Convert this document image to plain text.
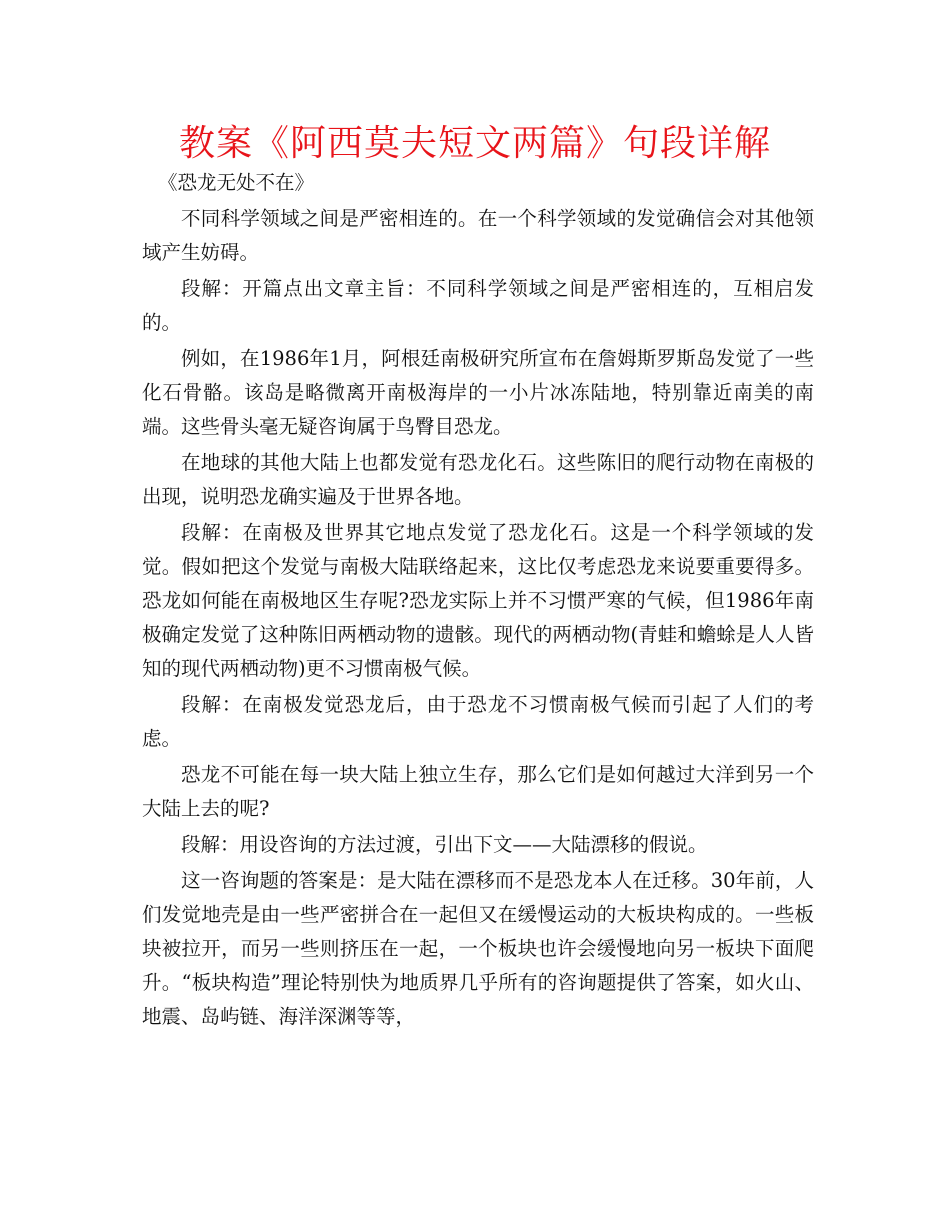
教案《阿西莫夫短文两篇》句段详解

《恐龙无处不在》

不同科学领域之间是严密相连的。在一个科学领域的发觉确信会对其他领域产生妨碍。

段解：开篇点出文章主旨：不同科学领域之间是严密相连的，互相启发的。

例如，在1986年1月，阿根廷南极研究所宣布在詹姆斯罗斯岛发觉了一些化石骨骼。该岛是略微离开南极海岸的一小片冰冻陆地，特别靠近南美的南端。这些骨头毫无疑咨询属于鸟臀目恐龙。

在地球的其他大陆上也都发觉有恐龙化石。这些陈旧的爬行动物在南极的出现，说明恐龙确实遍及于世界各地。

段解：在南极及世界其它地点发觉了恐龙化石。这是一个科学领域的发觉。假如把这个发觉与南极大陆联络起来，这比仅考虑恐龙来说要重要得多。恐龙如何能在南极地区生存呢?恐龙实际上并不习惯严寒的气候，但1986年南极确定发觉了这种陈旧两栖动物的遗骸。现代的两栖动物(青蛙和蟾蜍是人人皆知的现代两栖动物)更不习惯南极气候。

段解：在南极发觉恐龙后，由于恐龙不习惯南极气候而引起了人们的考虑。

恐龙不可能在每一块大陆上独立生存，那么它们是如何越过大洋到另一个大陆上去的呢?

段解：用设咨询的方法过渡，引出下文——大陆漂移的假说。

这一咨询题的答案是：是大陆在漂移而不是恐龙本人在迁移。30年前，人们发觉地壳是由一些严密拼合在一起但又在缓慢运动的大板块构成的。一些板块被拉开，而另一些则挤压在一起，一个板块也许会缓慢地向另一板块下面爬升。“板块构造”理论特别快为地质界几乎所有的咨询题提供了答案，如火山、地震、岛屿链、海洋深渊等等，
